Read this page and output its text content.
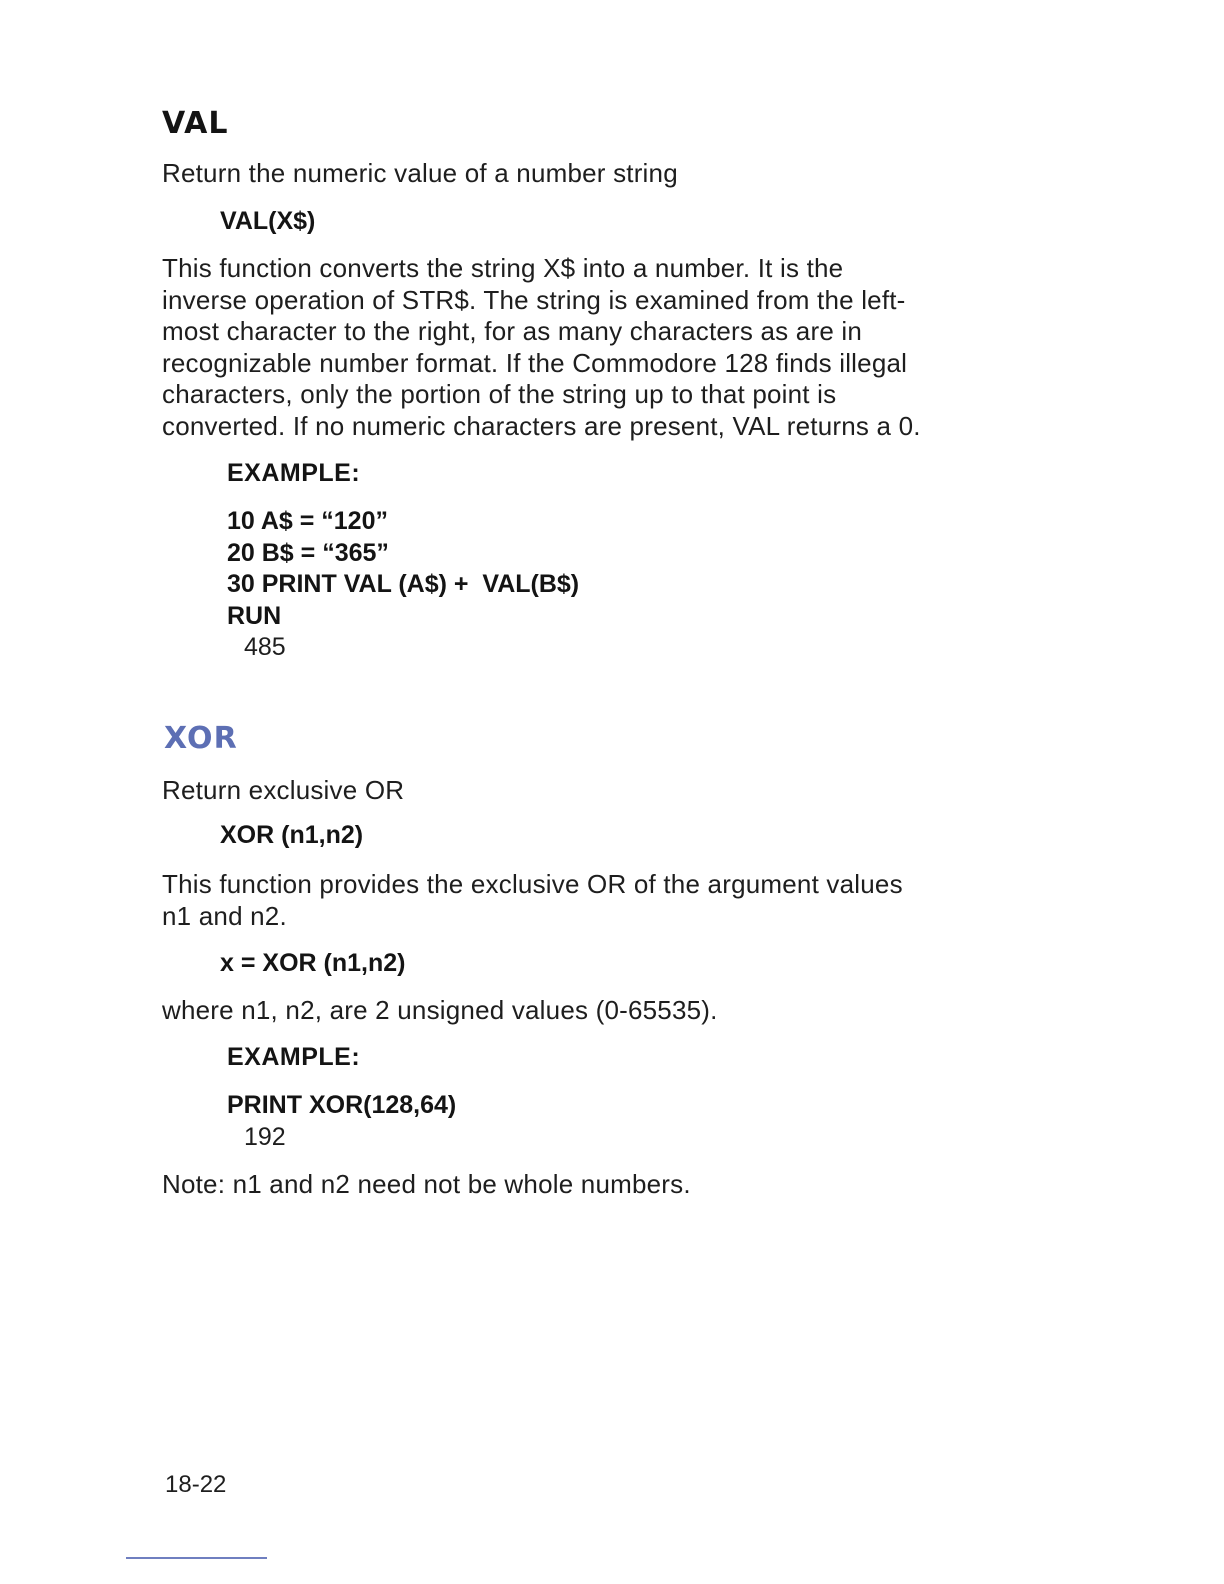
VAL

Return the numeric value of a number string

VAL(X$)

This function converts the string X$ into a number. It is the
inverse operation of STR$. The string is examined from the left-
most character to the right, for as many characters as are in
recognizable number format. If the Commodore 128 finds illegal
characters, only the portion of the string up to that point is
converted. If no numeric characters are present, VAL returns a 0.

EXAMPLE:

10 A$ = “120”
20 B$ = “365”
30 PRINT VAL (A$) +  VAL(B$)
RUN
485
XOR

Return exclusive OR

XOR (n1,n2)

This function provides the exclusive OR of the argument values
n1 and n2.

x = XOR (n1,n2)

where n1, n2, are 2 unsigned values (0-65535).

EXAMPLE:

PRINT XOR(128,64)
192

Note: n1 and n2 need not be whole numbers.

18-22
